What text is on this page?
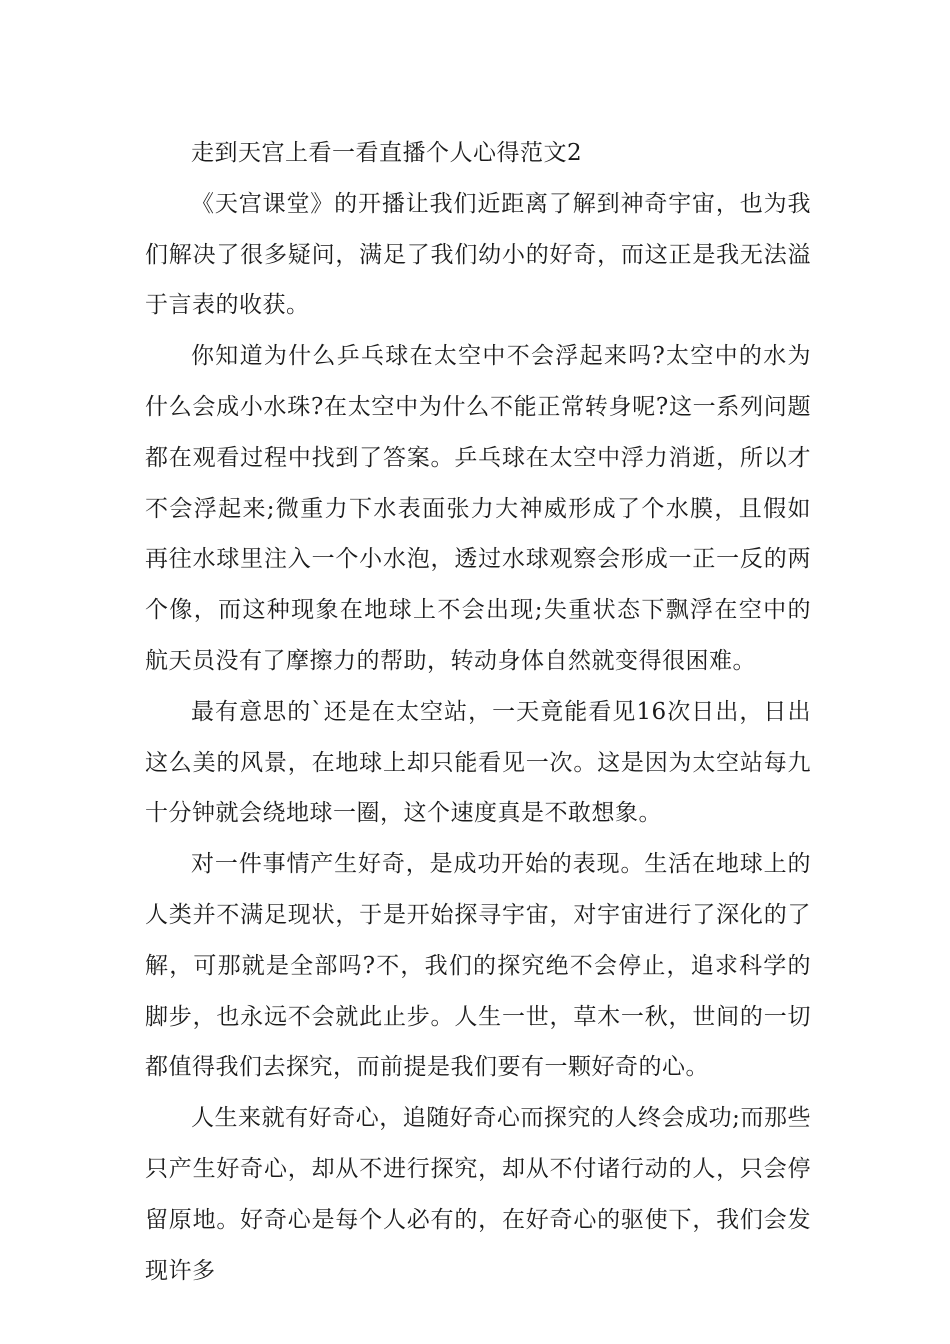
走到天宫上看一看直播个人心得范文2

《天宫课堂》的开播让我们近距离了解到神奇宇宙，也为我们解决了很多疑问，满足了我们幼小的好奇，而这正是我无法溢于言表的收获。

你知道为什么乒乓球在太空中不会浮起来吗?太空中的水为什么会成小水珠?在太空中为什么不能正常转身呢?这一系列问题都在观看过程中找到了答案。乒乓球在太空中浮力消逝，所以才不会浮起来;微重力下水表面张力大神威形成了个水膜，且假如再往水球里注入一个小水泡，透过水球观察会形成一正一反的两个像，而这种现象在地球上不会出现;失重状态下飘浮在空中的航天员没有了摩擦力的帮助，转动身体自然就变得很困难。

最有意思的`还是在太空站，一天竟能看见16次日出，日出这么美的风景，在地球上却只能看见一次。这是因为太空站每九十分钟就会绕地球一圈，这个速度真是不敢想象。

对一件事情产生好奇，是成功开始的表现。生活在地球上的人类并不满足现状，于是开始探寻宇宙，对宇宙进行了深化的了解，可那就是全部吗?不，我们的探究绝不会停止，追求科学的脚步，也永远不会就此止步。人生一世，草木一秋，世间的一切都值得我们去探究，而前提是我们要有一颗好奇的心。

人生来就有好奇心，追随好奇心而探究的人终会成功;而那些只产生好奇心，却从不进行探究，却从不付诸行动的人，只会停留原地。好奇心是每个人必有的，在好奇心的驱使下，我们会发现许多
